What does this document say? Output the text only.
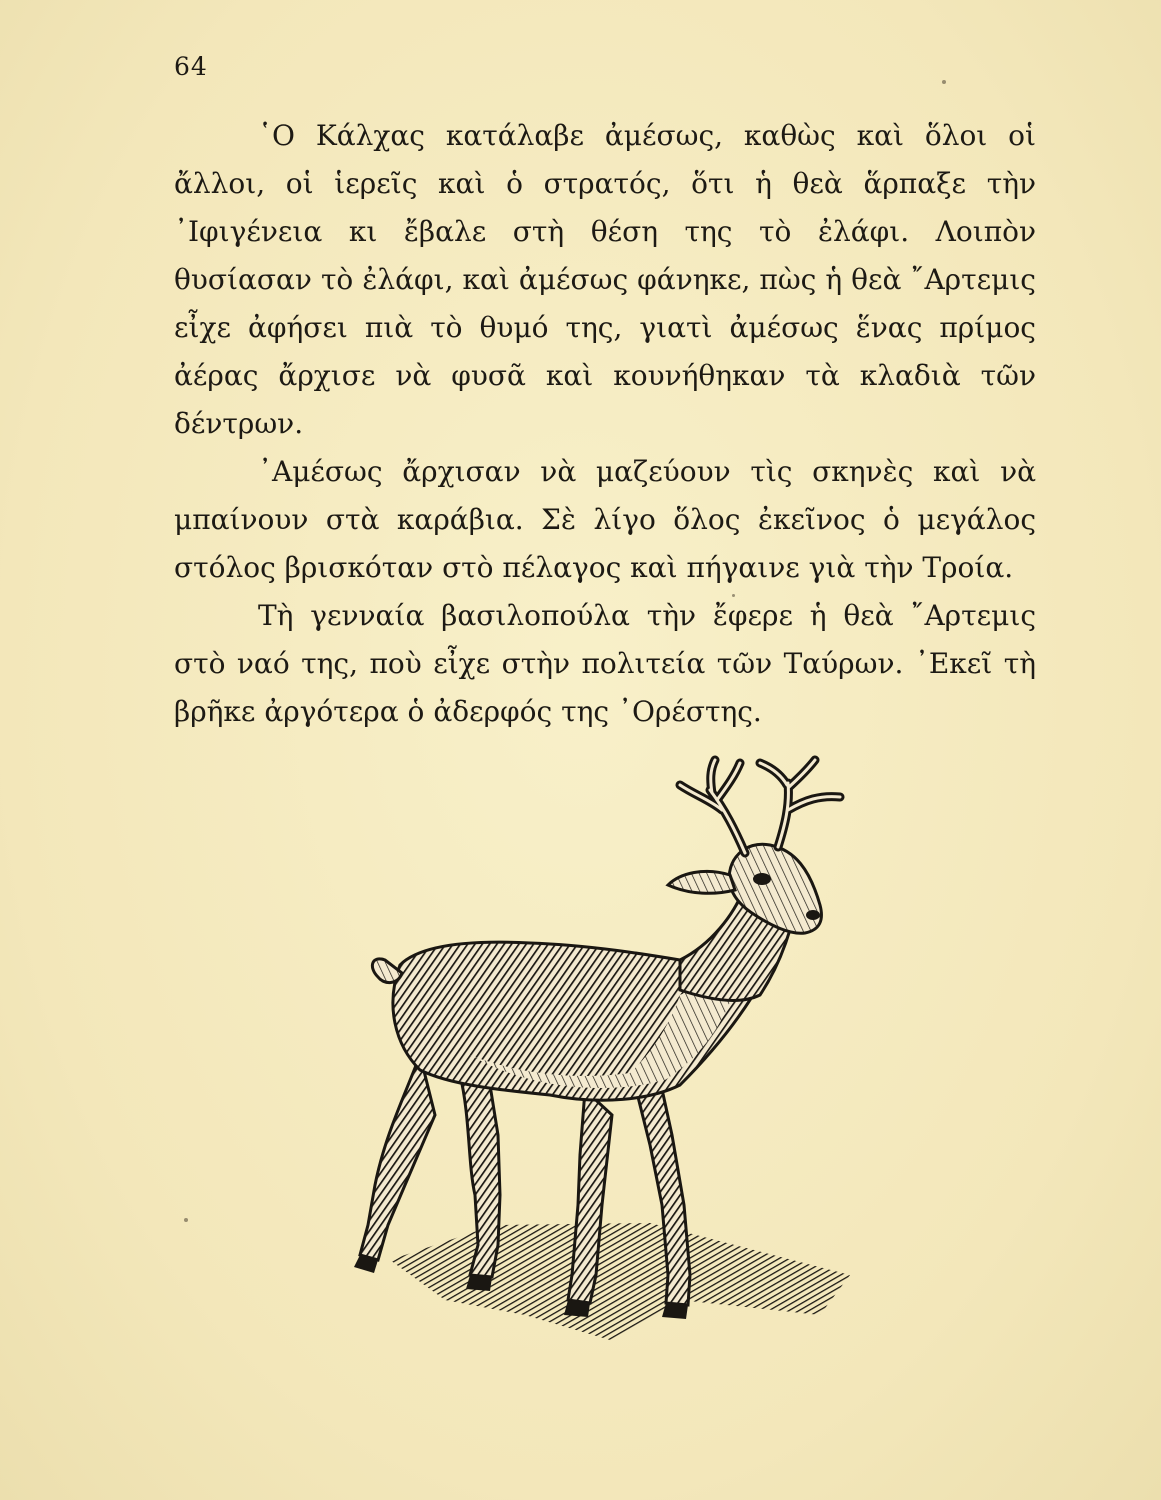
64

῾Ο Κάλχας κατάλαβε ἀμέσως, καθὼς καὶ ὅλοι οἱ ἄλλοι, οἱ ἱερεῖς καὶ ὁ στρατός, ὅτι ἡ θεὰ ἅρπαξε τὴν ᾿Ιφιγένεια κι ἔβαλε στὴ θέση της τὸ ἐλάφι. Λοιπὸν θυσίασαν τὸ ἐλάφι, καὶ ἀμέσως φάνηκε, πὼς ἡ θεὰ ῎Αρτεμις εἶχε ἀφήσει πιὰ τὸ θυμό της, γιατὶ ἀμέσως ἕνας πρίμος ἀέρας ἄρχισε νὰ φυσᾶ καὶ κουνήθηκαν τὰ κλαδιὰ τῶν δέντρων.

᾿Αμέσως ἄρχισαν νὰ μαζεύουν τὶς σκηνὲς καὶ νὰ μπαίνουν στὰ καράβια. Σὲ λίγο ὅλος ἐκεῖνος ὁ μεγάλος στόλος βρισκόταν στὸ πέλαγος καὶ πήγαινε γιὰ τὴν Τροία.

Τὴ γενναία βασιλοπούλα τὴν ἔφερε ἡ θεὰ ῎Αρτεμις στὸ ναό της, ποὺ εἶχε στὴν πολιτεία τῶν Ταύρων. ᾿Εκεῖ τὴ βρῆκε ἀργότερα ὁ ἀδερφός της ᾿Ορέστης.
